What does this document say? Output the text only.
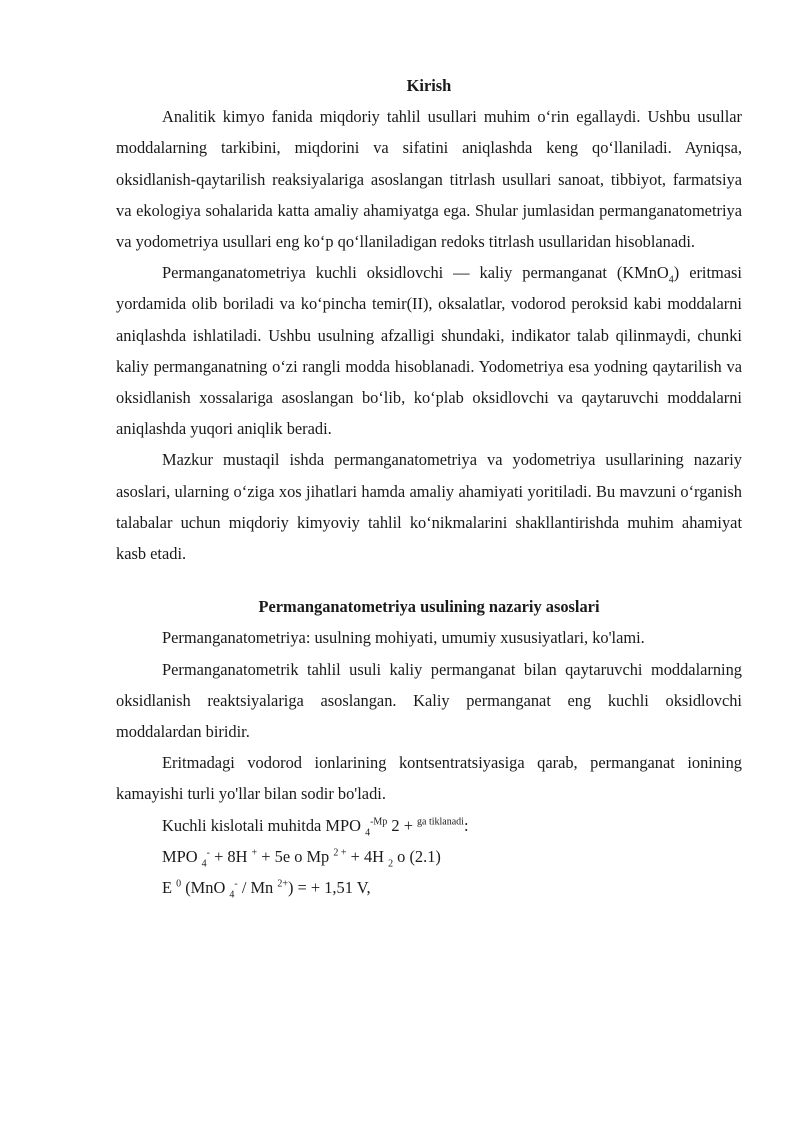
Kirish

Analitik kimyo fanida miqdoriy tahlil usullari muhim o‘rin egallaydi. Ushbu usullar moddalarning tarkibini, miqdorini va sifatini aniqlashda keng qo‘llaniladi. Ayniqsa, oksidlanish-qaytarilish reaksiyalariga asoslangan titrlash usullari sanoat, tibbiyot, farmatsiya va ekologiya sohalarida katta amaliy ahamiyatga ega. Shular jumlasidan permanganatometriya va yodometriya usullari eng ko‘p qo‘llaniladigan redoks titrlash usullaridan hisoblanadi.

Permanganatometriya kuchli oksidlovchi — kaliy permanganat (KMnO$_4$) eritmasi yordamida olib boriladi va ko‘pincha temir(II), oksalatlar, vodorod peroksid kabi moddalarni aniqlashda ishlatiladi. Ushbu usulning afzalligi shundaki, indikator talab qilinmaydi, chunki kaliy permanganatning o‘zi rangli modda hisoblanadi. Yodometriya esa yodning qaytarilish va oksidlanish xossalariga asoslangan bo‘lib, ko‘plab oksidlovchi va qaytaruvchi moddalarni aniqlashda yuqori aniqlik beradi.

Mazkur mustaqil ishda permanganatometriya va yodometriya usullarining nazariy asoslari, ularning o‘ziga xos jihatlari hamda amaliy ahamiyati yoritiladi. Bu mavzuni o‘rganish talabalar uchun miqdoriy kimyoviy tahlil ko‘nikmalarini shakllantirishda muhim ahamiyat kasb etadi.

Permanganatometriya usulining nazariy asoslari

Permanganatometriya: usulning mohiyati, umumiy xususiyatlari, ko'lami.

Permanganatometrik tahlil usuli kaliy permanganat bilan qaytaruvchi moddalarning oksidlanish reaktsiyalariga asoslangan. Kaliy permanganat eng kuchli oksidlovchi moddalardan biridir.

Eritmadagi vodorod ionlarining kontsentratsiyasiga qarab, permanganat ionining kamayishi turli yo'llar bilan sodir bo'ladi.

Kuchli kislotali muhitda MPO $_4^{-Mp}$ 2 + $^{ga tiklanadi}$:
MPO $_4$- + 8H + + 5e o Mp $^{2 +}$ + 4H $_2$ o (2.1)
E $^0$ (MnO $_4$- / Mn $^{2+}$) = + 1,51 V,
